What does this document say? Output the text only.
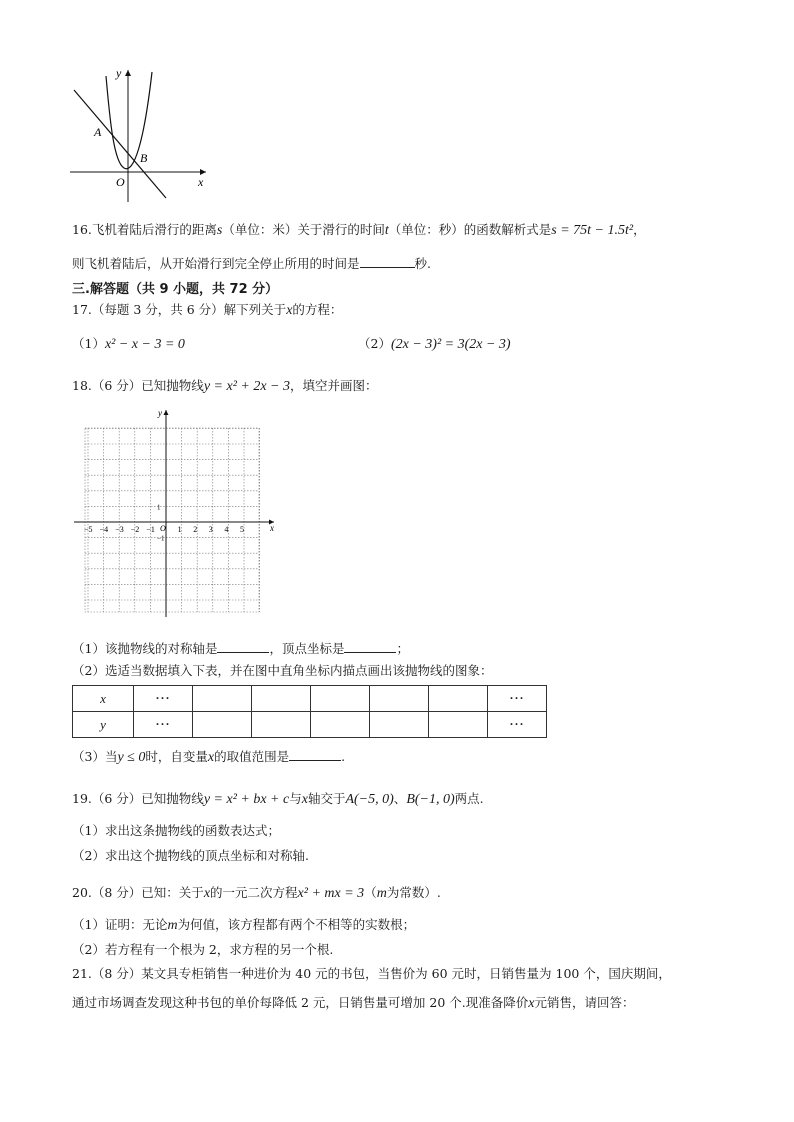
y
x
O
A
B
16.飞机着陆后滑行的距离s（单位：米）关于滑行的时间t（单位：秒）的函数解析式是s = 75t − 1.5t²，
则飞机着陆后，从开始滑行到完全停止所用的时间是	秒.
三.解答题（共 9 小题，共 72 分）
17.（每题 3 分，共 6 分）解下列关于x的方程：
（1）x² − x − 3 = 0	（2）(2x − 3)² = 3(2x − 3)
18.（6 分）已知抛物线y = x² + 2x − 3，填空并画图：
y
x
O
−5 −4 −3 −2 −1	1 2 3 4 5
1
−1
（1）该抛物线的对称轴是	，顶点坐标是	；
（2）选适当数据填入下表，并在图中直角坐标内描点画出该抛物线的图象：
x	···						···
y	···						···
（3）当y ≤ 0时，自变量x的取值范围是	.
19.（6 分）已知抛物线y = x² + bx + c与x轴交于A(−5, 0)、B(−1, 0)两点.
（1）求出这条抛物线的函数表达式；
（2）求出这个抛物线的顶点坐标和对称轴.
20.（8 分）已知：关于x的一元二次方程x² + mx = 3（m为常数）.
（1）证明：无论m为何值，该方程都有两个不相等的实数根；
（2）若方程有一个根为 2，求方程的另一个根.
21.（8 分）某文具专柜销售一种进价为 40 元的书包，当售价为 60 元时，日销售量为 100 个，国庆期间，
通过市场调查发现这种书包的单价每降低 2 元，日销售量可增加 20 个.现准备降价x元销售，请回答：
